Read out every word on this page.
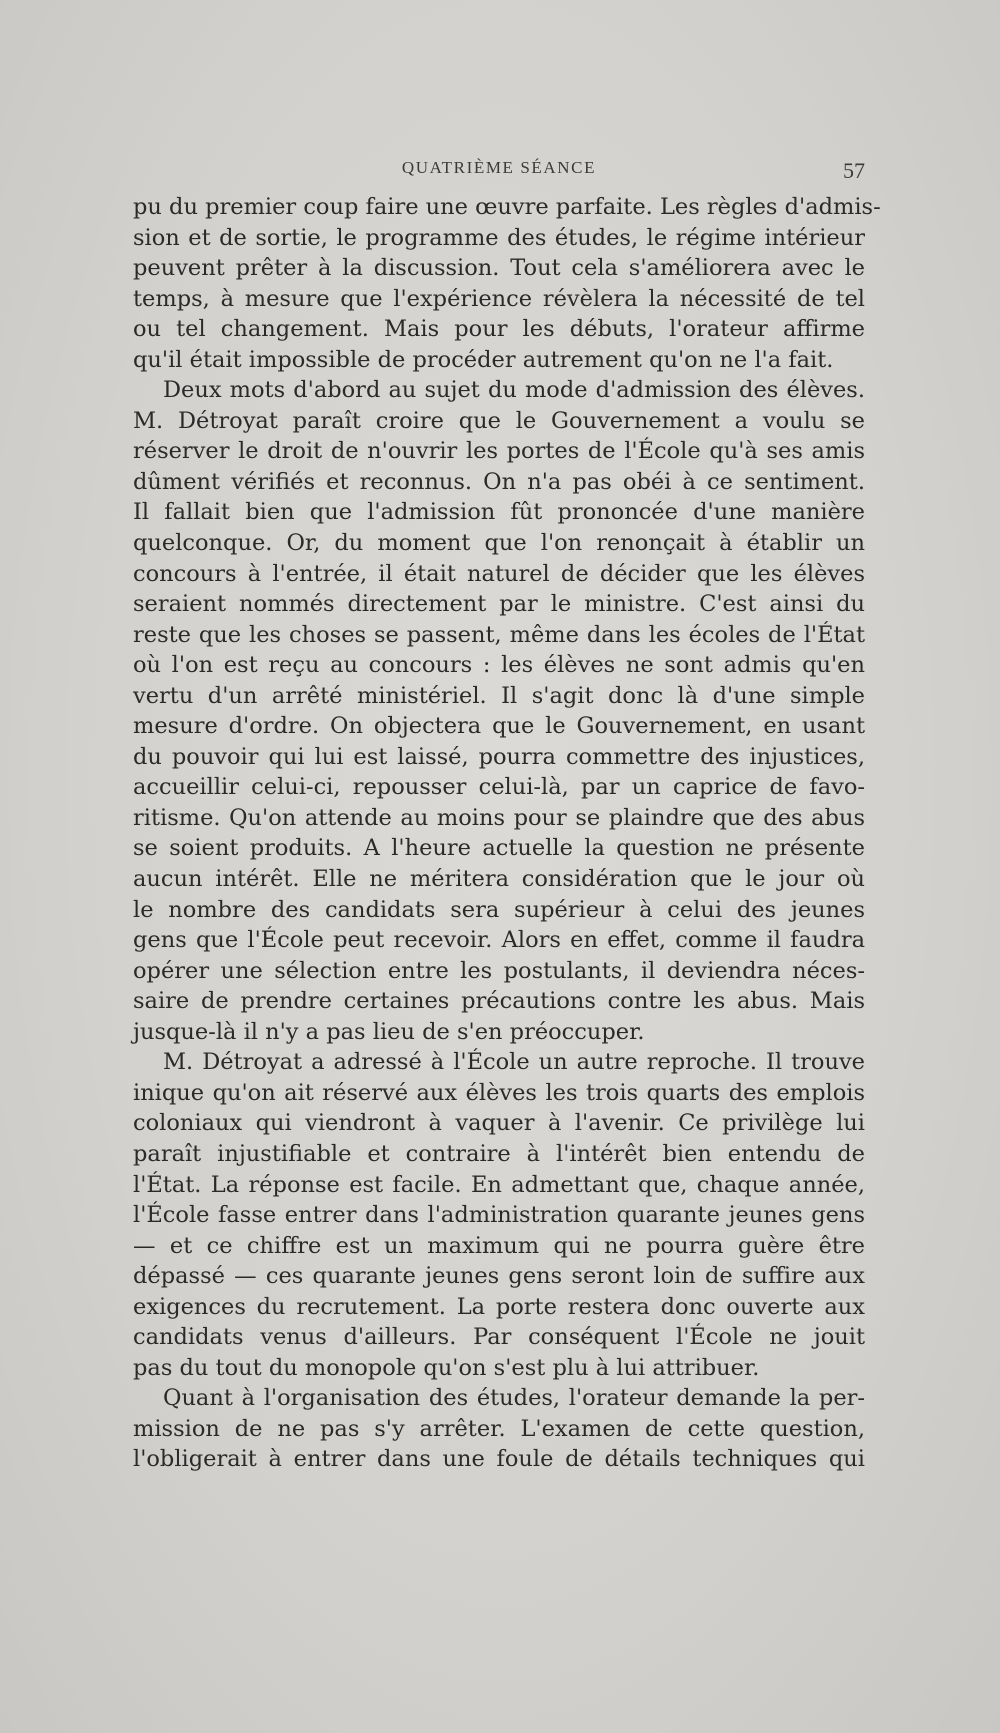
QUATRIÈME SÉANCE	57
pu du premier coup faire une œuvre parfaite. Les règles d'admis-
sion et de sortie, le programme des études, le régime intérieur
peuvent prêter à la discussion. Tout cela s'améliorera avec le
temps, à mesure que l'expérience révèlera la nécessité de tel
ou tel changement. Mais pour les débuts, l'orateur affirme
qu'il était impossible de procéder autrement qu'on ne l'a fait.
Deux mots d'abord au sujet du mode d'admission des élèves.
M. Détroyat paraît croire que le Gouvernement a voulu se
réserver le droit de n'ouvrir les portes de l'École qu'à ses amis
dûment vérifiés et reconnus. On n'a pas obéi à ce sentiment.
Il fallait bien que l'admission fût prononcée d'une manière
quelconque. Or, du moment que l'on renonçait à établir un
concours à l'entrée, il était naturel de décider que les élèves
seraient nommés directement par le ministre. C'est ainsi du
reste que les choses se passent, même dans les écoles de l'État
où l'on est reçu au concours : les élèves ne sont admis qu'en
vertu d'un arrêté ministériel. Il s'agit donc là d'une simple
mesure d'ordre. On objectera que le Gouvernement, en usant
du pouvoir qui lui est laissé, pourra commettre des injustices,
accueillir celui-ci, repousser celui-là, par un caprice de favo-
ritisme. Qu'on attende au moins pour se plaindre que des abus
se soient produits. A l'heure actuelle la question ne présente
aucun intérêt. Elle ne méritera considération que le jour où
le nombre des candidats sera supérieur à celui des jeunes
gens que l'École peut recevoir. Alors en effet, comme il faudra
opérer une sélection entre les postulants, il deviendra néces-
saire de prendre certaines précautions contre les abus. Mais
jusque-là il n'y a pas lieu de s'en préoccuper.
M. Détroyat a adressé à l'École un autre reproche. Il trouve
inique qu'on ait réservé aux élèves les trois quarts des emplois
coloniaux qui viendront à vaquer à l'avenir. Ce privilège lui
paraît injustifiable et contraire à l'intérêt bien entendu de
l'État. La réponse est facile. En admettant que, chaque année,
l'École fasse entrer dans l'administration quarante jeunes gens
— et ce chiffre est un maximum qui ne pourra guère être
dépassé — ces quarante jeunes gens seront loin de suffire aux
exigences du recrutement. La porte restera donc ouverte aux
candidats venus d'ailleurs. Par conséquent l'École ne jouit
pas du tout du monopole qu'on s'est plu à lui attribuer.
Quant à l'organisation des études, l'orateur demande la per-
mission de ne pas s'y arrêter. L'examen de cette question,
l'obligerait à entrer dans une foule de détails techniques qui
